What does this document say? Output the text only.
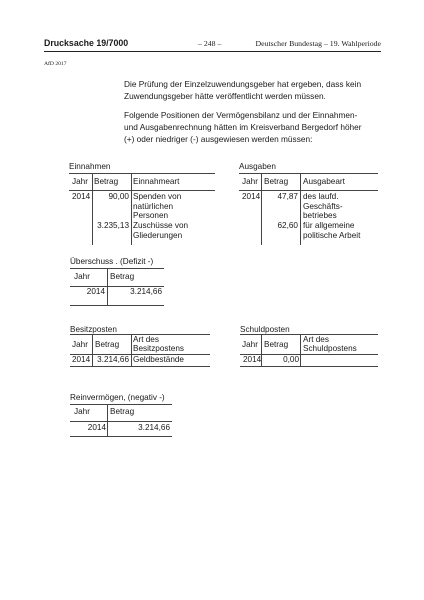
Drucksache 19/7000	– 248 –	Deutscher Bundestag – 19. Wahlperiode
AfD 2017
Die Prüfung der Einzelzuwendungsgeber hat ergeben, dass kein
Zuwendungsgeber hätte veröffentlicht werden müssen.
Folgende Positionen der Vermögensbilanz und der Einnahmen-
und Ausgabenrechnung hätten im Kreisverband Bergedorf höher
(+) oder niedriger (-) ausgewiesen werden müssen:
Einnahmen
Jahr Betrag Einnahmeart
2014	90,00 Spenden von
natürlichen
Personen
3.235,13 Zuschüsse von
Gliederungen
Ausgaben
Jahr Betrag Ausgabeart
2014	47,87 des laufd.
Geschäfts-
betriebes
62,60 für allgemeine
politische Arbeit
Überschuss . (Defizit -)
Jahr Betrag
2014	3.214,66
Besitzposten
Jahr Betrag
Art des
Besitzpostens
2014 3.214,66 Geldbestände
Schuldposten
Jahr Betrag
Art des
Schuldpostens
2014	0,00
Reinvermögen, (negativ -)
Jahr Betrag
2014	3.214,66
